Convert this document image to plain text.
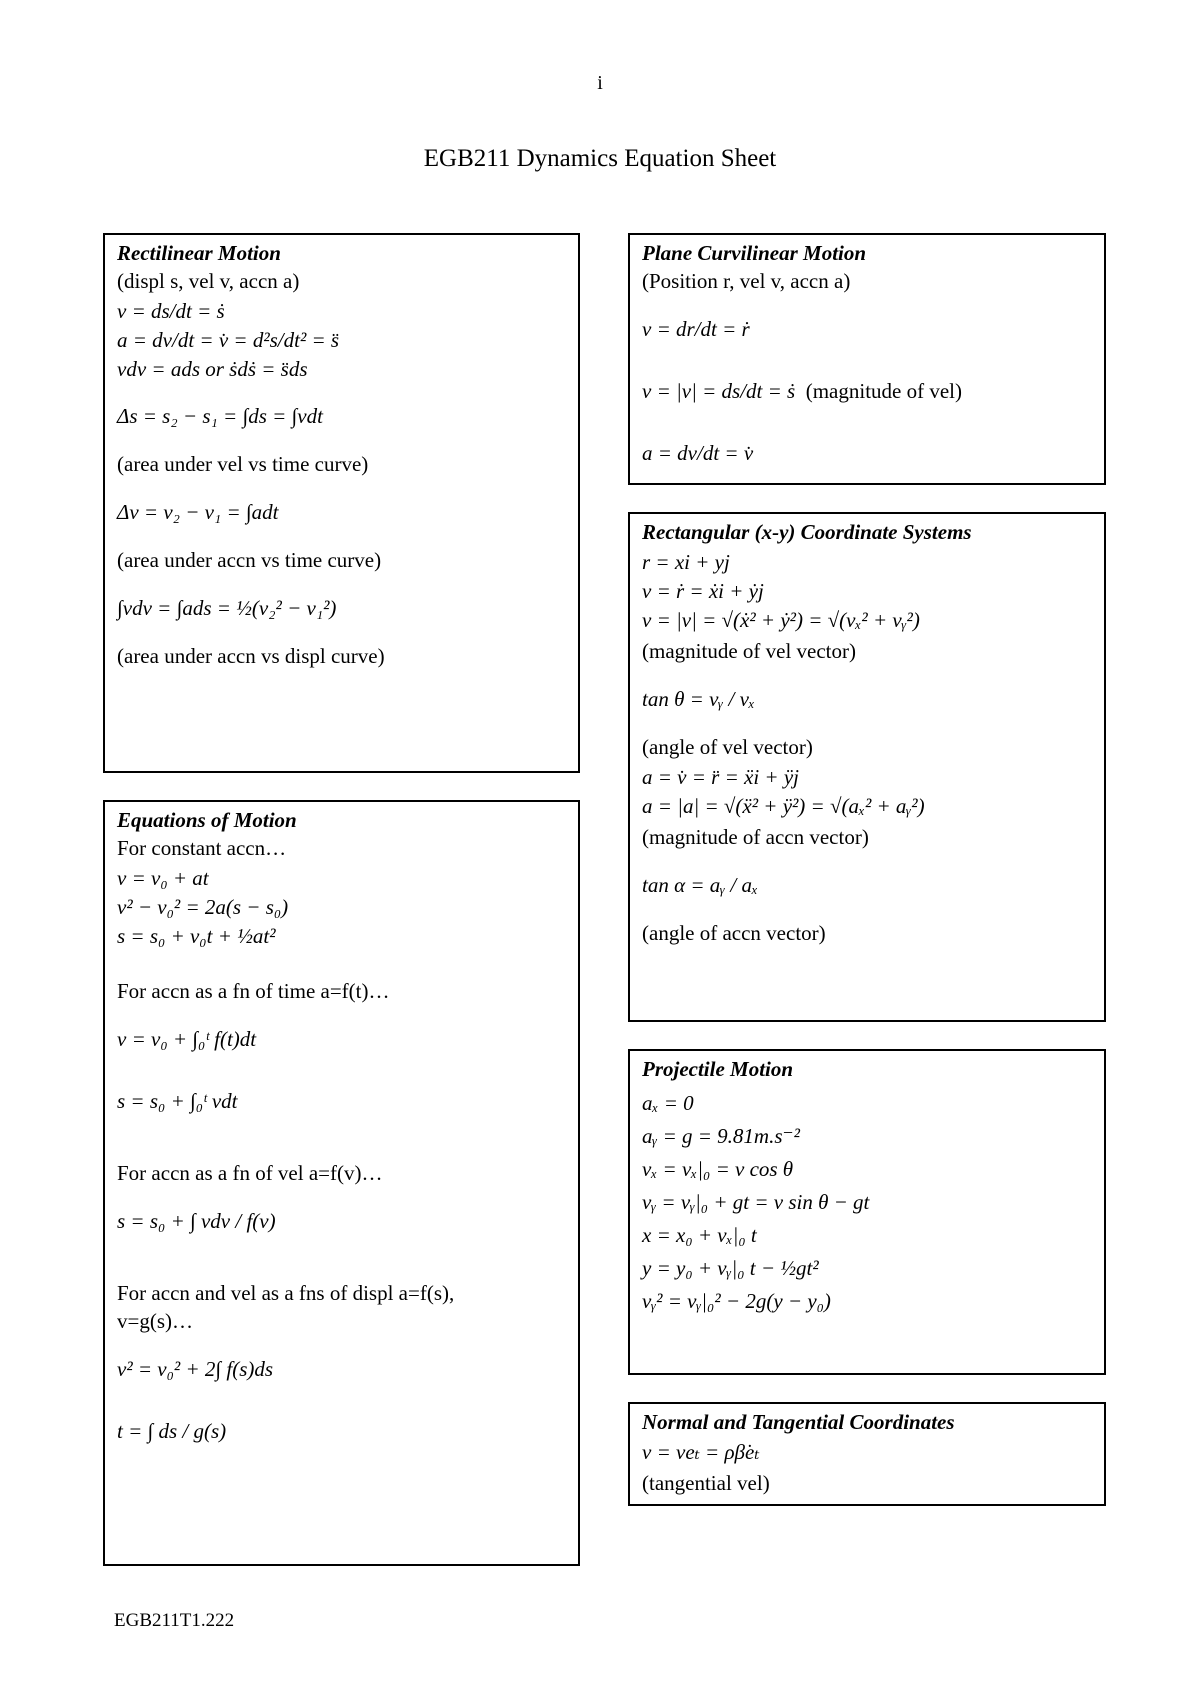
i
EGB211 Dynamics Equation Sheet
Rectilinear Motion
(displ s, vel v, accn a)
v = ds/dt = ṡ
a = dv/dt = v̇ = d²s/dt² = s̈
vdv = ads or ṡdṡ = s̈ds
Δs = s₂ − s₁ = ∫ds = ∫vdt
(area under vel vs time curve)
Δv = v₂ − v₁ = ∫adt
(area under accn vs time curve)
∫vdv = ∫ads = ½(v₂² − v₁²)
(area under accn vs displ curve)
Equations of Motion
For constant accn…
v = v₀ + at
v² − v₀² = 2a(s − s₀)
s = s₀ + v₀t + ½at²
For accn as a fn of time a=f(t)…
v = v₀ + ∫₀ᵗ f(t)dt
s = s₀ + ∫₀ᵗ vdt
For accn as a fn of vel a=f(v)…
s = s₀ + ∫ vdv / f(v)
For accn and vel as a fns of displ a=f(s),
v=g(s)…
v² = v₀² + 2∫ f(s)ds
t = ∫ ds / g(s)
Plane Curvilinear Motion
(Position r, vel v, accn a)
v = dr/dt = ṙ
v = |v| = ds/dt = ṡ (magnitude of vel)
a = dv/dt = v̇
Rectangular (x-y) Coordinate Systems
r = xi + yj
v = ṙ = ẋi + ẏj
v = |v| = √(ẋ² + ẏ²) = √(vₓ² + vᵧ²)
(magnitude of vel vector)
tan θ = vᵧ / vₓ
(angle of vel vector)
a = v̇ = r̈ = ẍi + ÿj
a = |a| = √(ẍ² + ÿ²) = √(aₓ² + aᵧ²)
(magnitude of accn vector)
tan α = aᵧ / aₓ
(angle of accn vector)
Projectile Motion
aₓ = 0
aᵧ = g = 9.81m.s⁻²
vₓ = vₓ|₀ = v cos θ
vᵧ = vᵧ|₀ + gt = v sin θ − gt
x = x₀ + vₓ|₀ t
y = y₀ + vᵧ|₀ t − ½gt²
vᵧ² = vᵧ|₀² − 2g(y − y₀)
Normal and Tangential Coordinates
v = veₜ = ρβ̇eₜ
(tangential vel)
EGB211T1.222
